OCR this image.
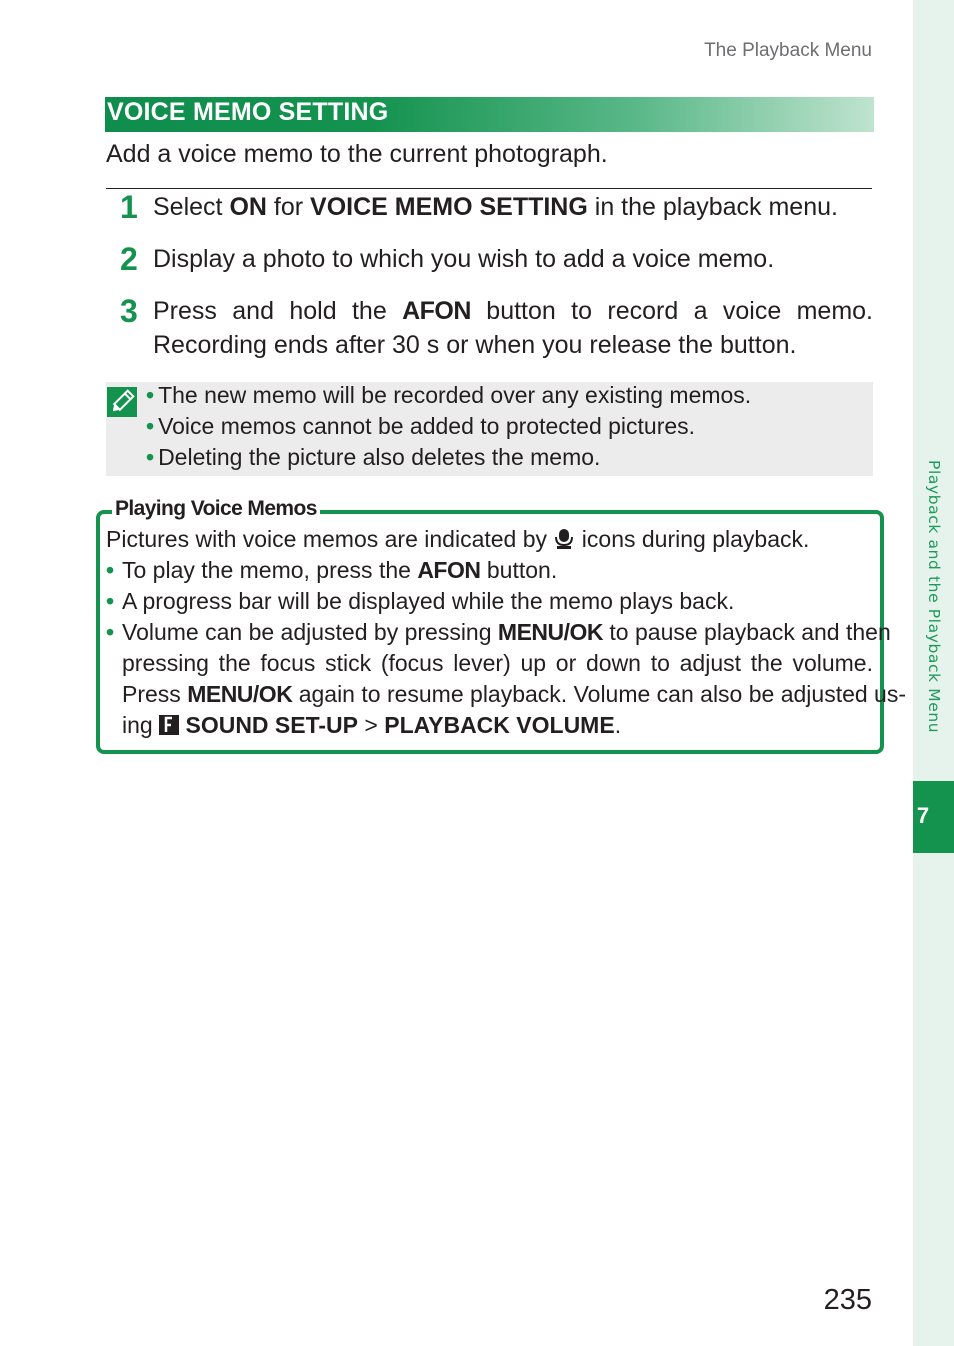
Playback and the Playback Menu
7
The Playback Menu
VOICE MEMO SETTING
Add a voice memo to the current photograph.
1 Select ON for VOICE MEMO SETTING in the playback menu.
2 Display a photo to which you wish to add a voice memo.
3 Press and hold the AFON button to record a voice memo.
Recording ends after 30 s or when you release the button.
• The new memo will be recorded over any existing memos.
• Voice memos cannot be added to protected pictures.
• Deleting the picture also deletes the memo.
Playing Voice Memos
Pictures with voice memos are indicated by  icons during playback.
• To play the memo, press the AFON button.
• A progress bar will be displayed while the memo plays back.
• Volume can be adjusted by pressing MENU/OK to pause playback and then
pressing the focus stick (focus lever) up or down to adjust the volume.
Press MENU/OK again to resume playback. Volume can also be adjusted us-
ing  SOUND SET-UP > PLAYBACK VOLUME.
235
